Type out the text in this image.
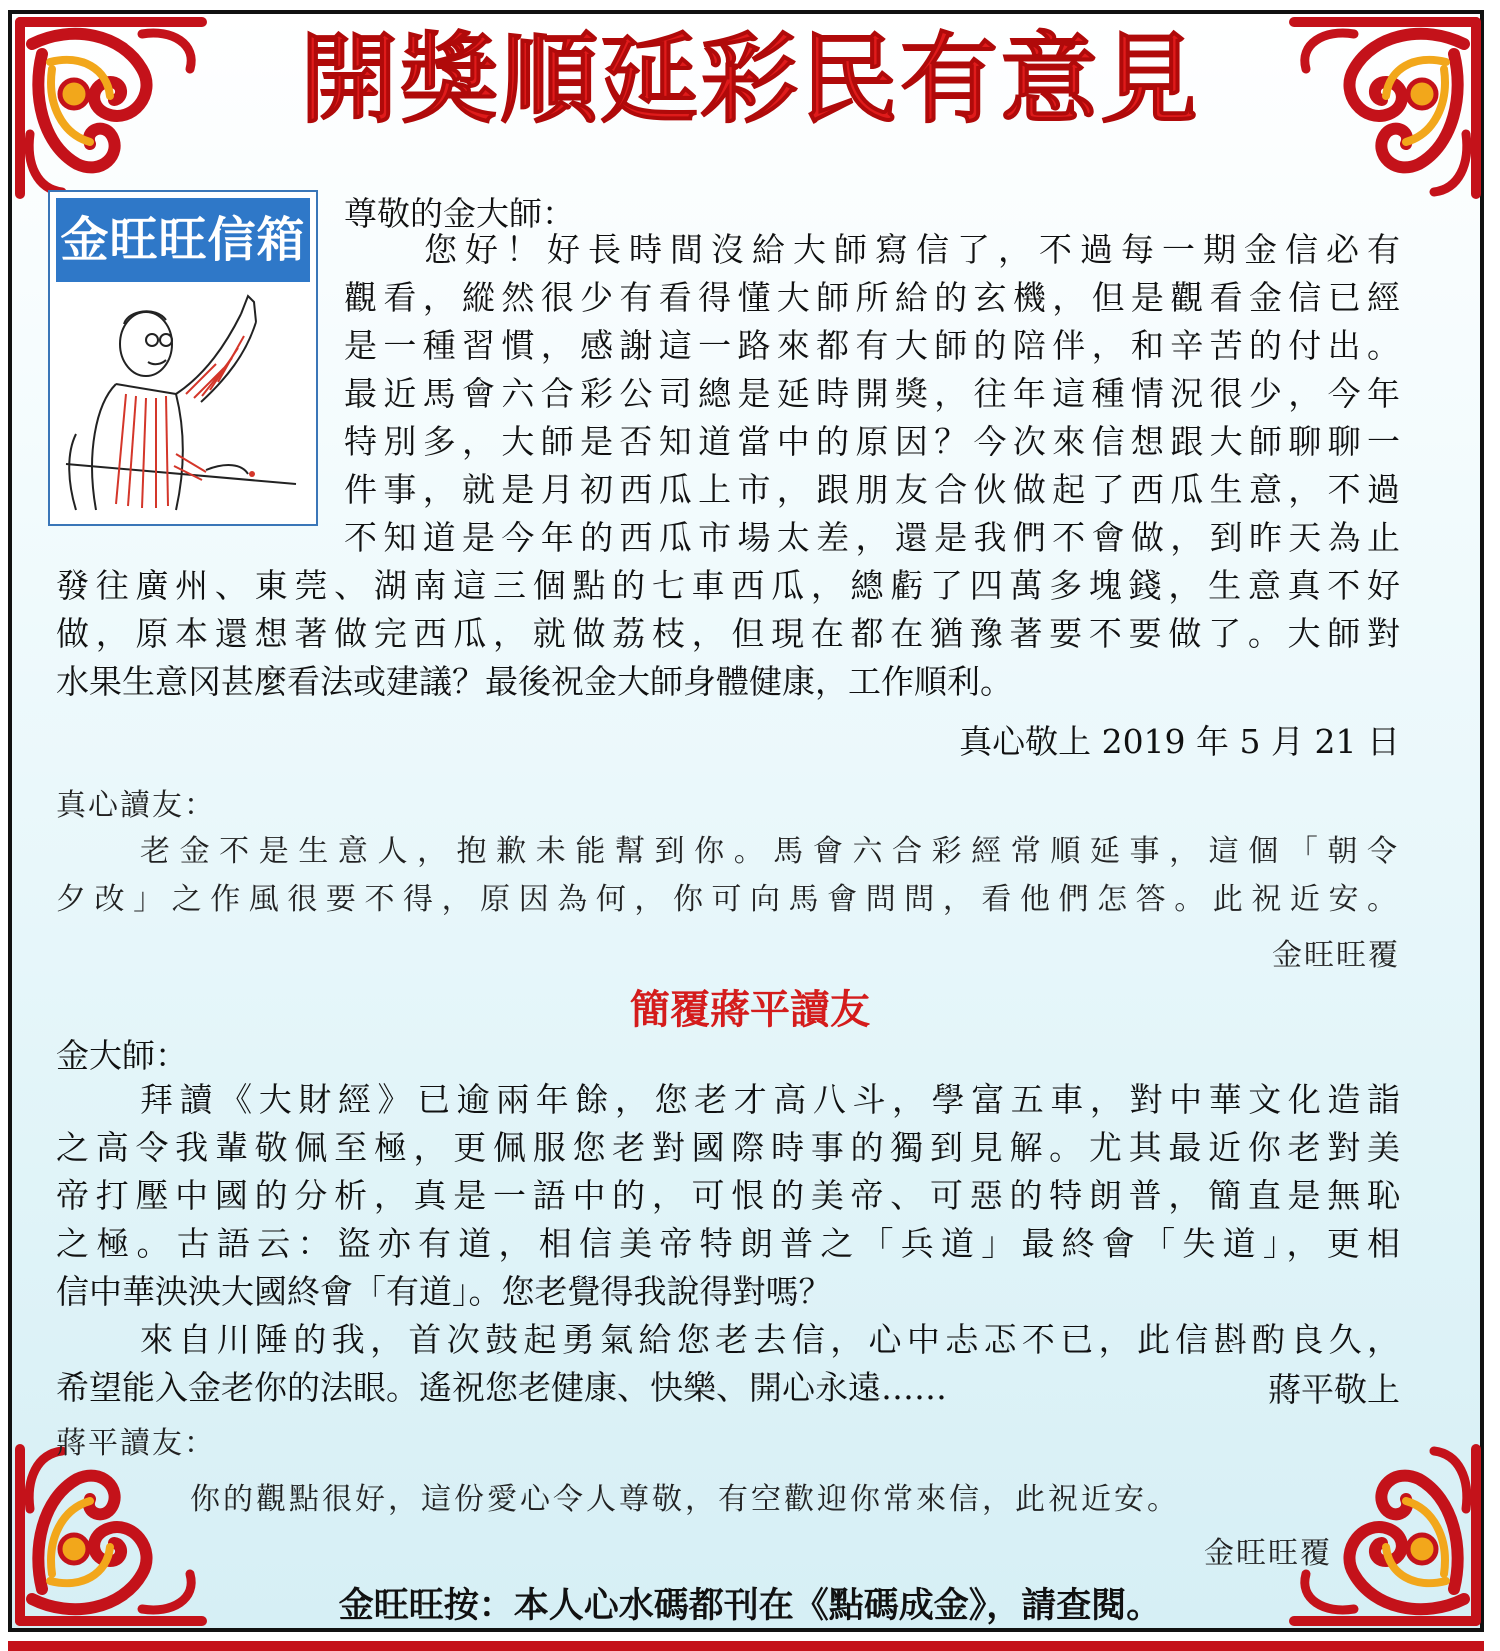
開獎順延彩民有意見
金旺旺信箱 尊敬的金大師：
您好！好長時間沒給大師寫信了，不過每一期金信必有
觀看，縱然很少有看得懂大師所給的玄機，但是觀看金信已經
是一種習慣，感謝這一路來都有大師的陪伴，和辛苦的付出。
最近馬會六合彩公司總是延時開獎，往年這種情況很少，今年
特別多，大師是否知道當中的原因？今次來信想跟大師聊聊一
件事，就是月初西瓜上市，跟朋友合伙做起了西瓜生意，不過
不知道是今年的西瓜市場太差，還是我們不會做，到昨天為止
發往廣州、東莞、湖南這三個點的七車西瓜，總虧了四萬多塊錢，生意真不好
做，原本還想著做完西瓜，就做荔枝，但現在都在猶豫著要不要做了。大師對
水果生意冈甚麼看法或建議？最後祝金大師身體健康，工作順利。
真心敬上 2019 年 5 月 21 日
真心讀友：
老金不是生意人，抱歉未能幫到你。馬會六合彩經常順延事，這個「朝令
夕改」之作風很要不得，原因為何，你可向馬會問問，看他們怎答。此祝近安。
金旺旺覆
簡覆蔣平讀友
金大師：
拜讀《大財經》已逾兩年餘，您老才高八斗，學富五車，對中華文化造詣
之高令我輩敬佩至極，更佩服您老對國際時事的獨到見解。尤其最近你老對美
帝打壓中國的分析，真是一語中的，可恨的美帝、可惡的特朗普，簡直是無恥
之極。古語云：盜亦有道，相信美帝特朗普之「兵道」最終會「失道」，更相
信中華泱泱大國終會「有道」。您老覺得我說得對嗎？
來自川陲的我，首次鼓起勇氣給您老去信，心中忐忑不已，此信斟酌良久，
希望能入金老你的法眼。遙祝您老健康、快樂、開心永遠……	蔣平敬上
蔣平讀友：
你的觀點很好，這份愛心令人尊敬，有空歡迎你常來信，此祝近安。
金旺旺覆
金旺旺按：本人心水碼都刊在《點碼成金》，請查閱。
